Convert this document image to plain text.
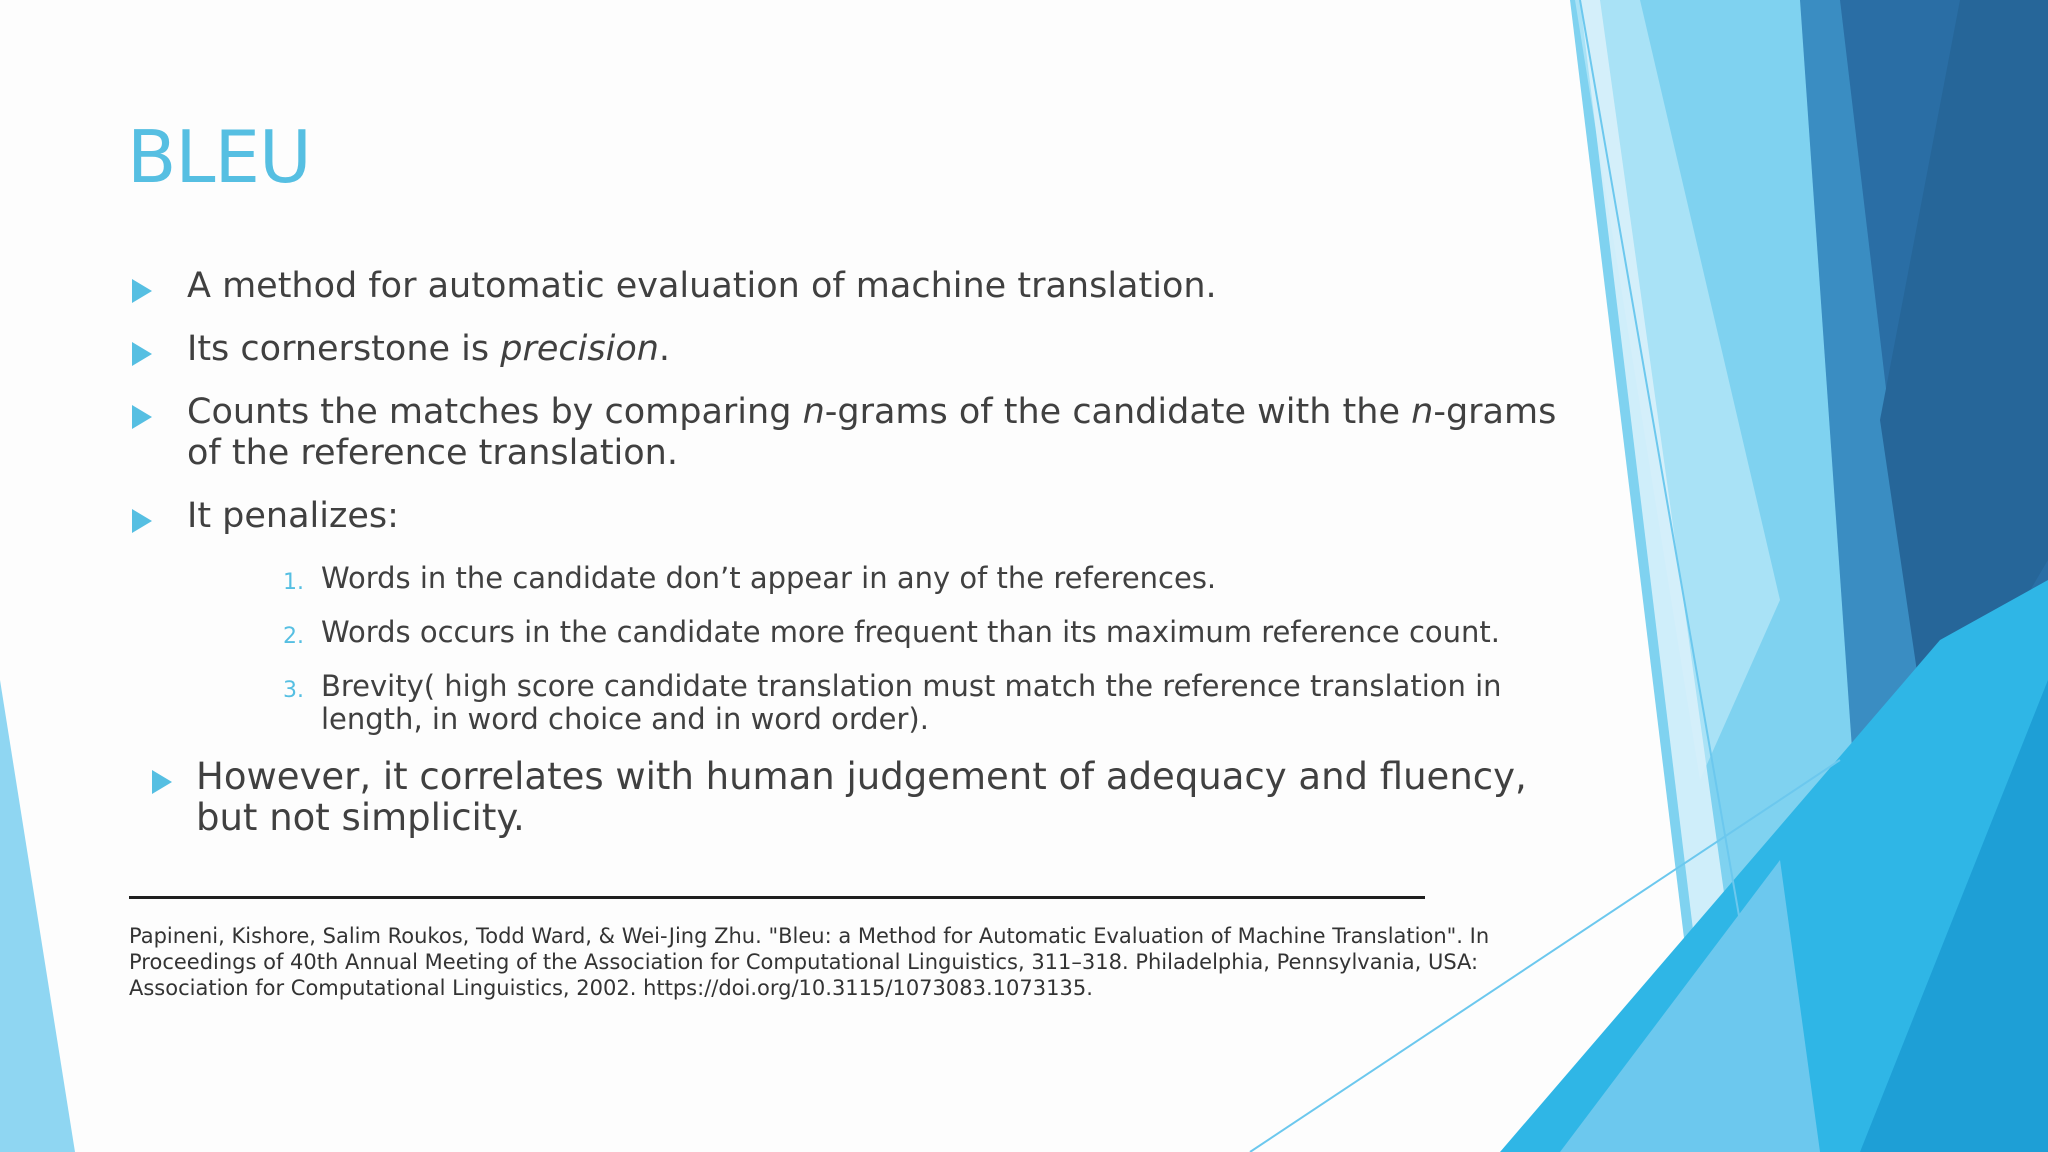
BLEU
A method for automatic evaluation of machine translation.
Its cornerstone is precision.
Counts the matches by comparing n-grams of the candidate with the n-grams of the reference translation.
It penalizes:
1. Words in the candidate don’t appear in any of the references.
2. Words occurs in the candidate more frequent than its maximum reference count.
3. Brevity( high score candidate translation must match the reference translation in length, in word choice and in word order).
However, it correlates with human judgement of adequacy and fluency, but not simplicity.
Papineni, Kishore, Salim Roukos, Todd Ward, & Wei-Jing Zhu. "Bleu: a Method for Automatic Evaluation of Machine Translation". In Proceedings of 40th Annual Meeting of the Association for Computational Linguistics, 311–318. Philadelphia, Pennsylvania, USA: Association for Computational Linguistics, 2002. https://doi.org/10.3115/1073083.1073135.
